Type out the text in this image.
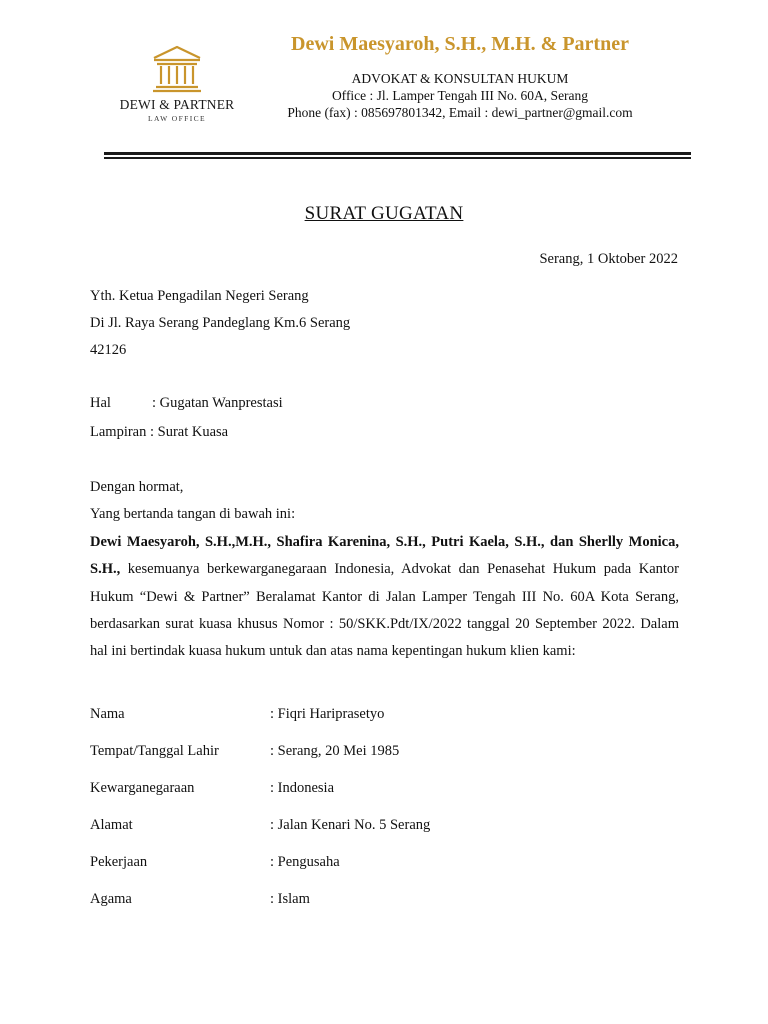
DEWI & PARTNER
LAW OFFICE
Dewi Maesyaroh, S.H., M.H. & Partner
ADVOKAT & KONSULTAN HUKUM
Office : Jl. Lamper Tengah III No. 60A, Serang
Phone (fax) : 085697801342, Email : dewi_partner@gmail.com
SURAT GUGATAN
Serang, 1 Oktober 2022
Yth. Ketua Pengadilan Negeri Serang
Di Jl. Raya Serang Pandeglang Km.6 Serang
42126
Hal	: Gugatan Wanprestasi
Lampiran : Surat Kuasa
Dengan hormat,
Yang bertanda tangan di bawah ini:
Dewi Maesyaroh, S.H.,M.H., Shafira Karenina, S.H., Putri Kaela, S.H., dan Sherlly Monica, S.H., kesemuanya berkewarganegaraan Indonesia, Advokat dan Penasehat Hukum pada Kantor Hukum “Dewi & Partner” Beralamat Kantor di Jalan Lamper Tengah III No. 60A Kota Serang, berdasarkan surat kuasa khusus Nomor : 50/SKK.Pdt/IX/2022 tanggal 20 September 2022. Dalam hal ini bertindak kuasa hukum untuk dan atas nama kepentingan hukum klien kami:
Nama	: Fiqri Hariprasetyo
Tempat/Tanggal Lahir	: Serang, 20 Mei 1985
Kewarganegaraan	: Indonesia
Alamat	: Jalan Kenari No. 5 Serang
Pekerjaan	: Pengusaha
Agama	: Islam
